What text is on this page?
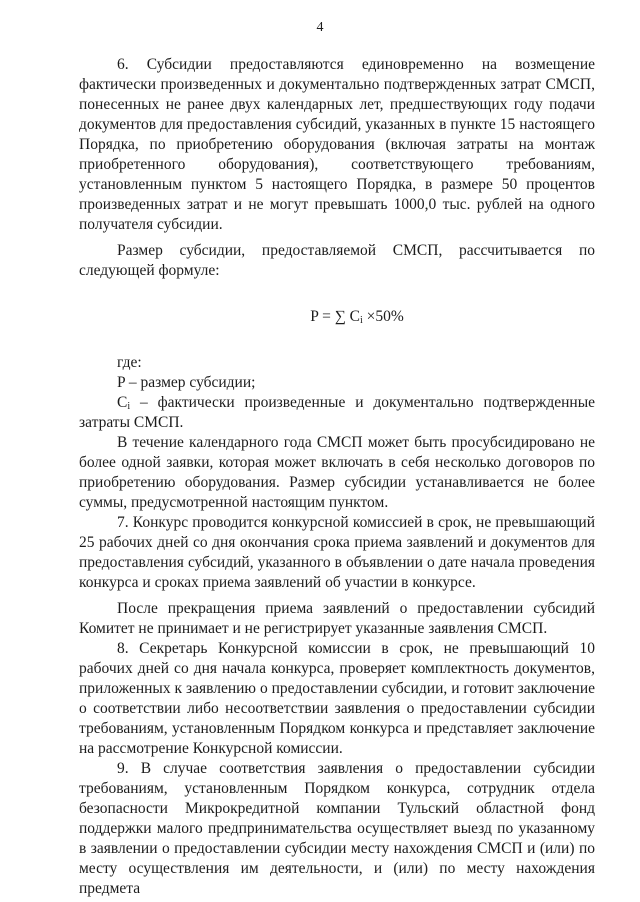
4

6. Субсидии предоставляются единовременно на возмещение фактически произведенных и документально подтвержденных затрат СМСП, понесенных не ранее двух календарных лет, предшествующих году подачи документов для предоставления субсидий, указанных в пункте 15 настоящего Порядка, по приобретению оборудования (включая затраты на монтаж приобретенного оборудования), соответствующего требованиям, установленным пунктом 5 настоящего Порядка, в размере 50 процентов произведенных затрат и не могут превышать 1000,0 тыс. рублей на одного получателя субсидии.

Размер субсидии, предоставляемой СМСП, рассчитывается по следующей формуле:

P = ∑ $C_i \times 50\%$

где:

P – размер субсидии;

$C_i$ – фактически произведенные и документально подтвержденные затраты СМСП.

В течение календарного года СМСП может быть просубсидировано не более одной заявки, которая может включать в себя несколько договоров по приобретению оборудования. Размер субсидии устанавливается не более суммы, предусмотренной настоящим пунктом.

7. Конкурс проводится конкурсной комиссией в срок, не превышающий 25 рабочих дней со дня окончания срока приема заявлений и документов для предоставления субсидий, указанного в объявлении о дате начала проведения конкурса и сроках приема заявлений об участии в конкурсе.

После прекращения приема заявлений о предоставлении субсидий Комитет не принимает и не регистрирует указанные заявления СМСП.

8. Секретарь Конкурсной комиссии в срок, не превышающий 10 рабочих дней со дня начала конкурса, проверяет комплектность документов, приложенных к заявлению о предоставлении субсидии, и готовит заключение о соответствии либо несоответствии заявления о предоставлении субсидии требованиям, установленным Порядком конкурса и представляет заключение на рассмотрение Конкурсной комиссии.

9. В случае соответствия заявления о предоставлении субсидии требованиям, установленным Порядком конкурса, сотрудник отдела безопасности Микрокредитной компании Тульский областной фонд поддержки малого предпринимательства осуществляет выезд по указанному в заявлении о предоставлении субсидии месту нахождения СМСП и (или) по месту осуществления им деятельности, и (или) по месту нахождения предмета
